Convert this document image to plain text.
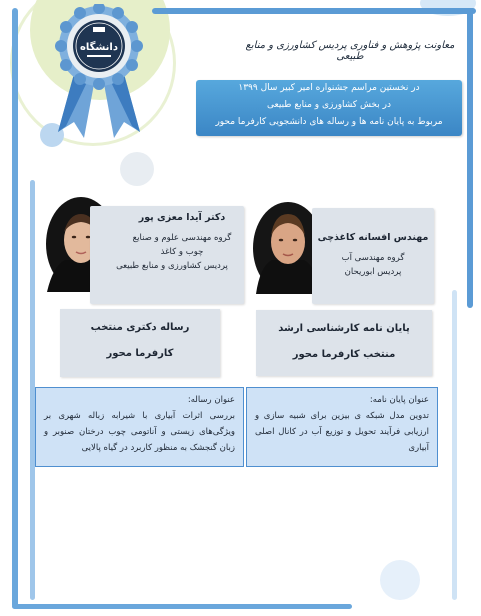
دانشگاه	معاونت پژوهش و فناوری پردیس کشاورزی و منابع طبیعی
در نخستین مراسم جشنواره امیر کبیر سال ۱۳۹۹
در بخش کشاورزی و منابع طبیعی
مربوط به پایان نامه ها و رساله های دانشجویی کارفرما محور
مهندس افسانه کاغذچی
گروه مهندسی آب
پردیس ابوریحان
دکتر آیدا معزی پور
گروه مهندسی علوم و صنایع
چوب و کاغذ
پردیس کشاورزی و منابع طبیعی
پایان نامه کارشناسی ارشد
منتخب کارفرما محور
رساله دکتری منتخب
کارفرما محور
عنوان پایان نامه:
تدوین مدل شبکه ی بیزین برای شبیه سازی و ارزیابی فرآیند تحویل و توزیع آب در کانال اصلی آبیاری
عنوان رساله:
بررسی اثرات آبیاری با شیرابه زباله شهری بر ویژگی‌های زیستی و آناتومی چوب درختان صنوبر و زبان گنجشک به منظور کاربرد در گیاه پالایی
